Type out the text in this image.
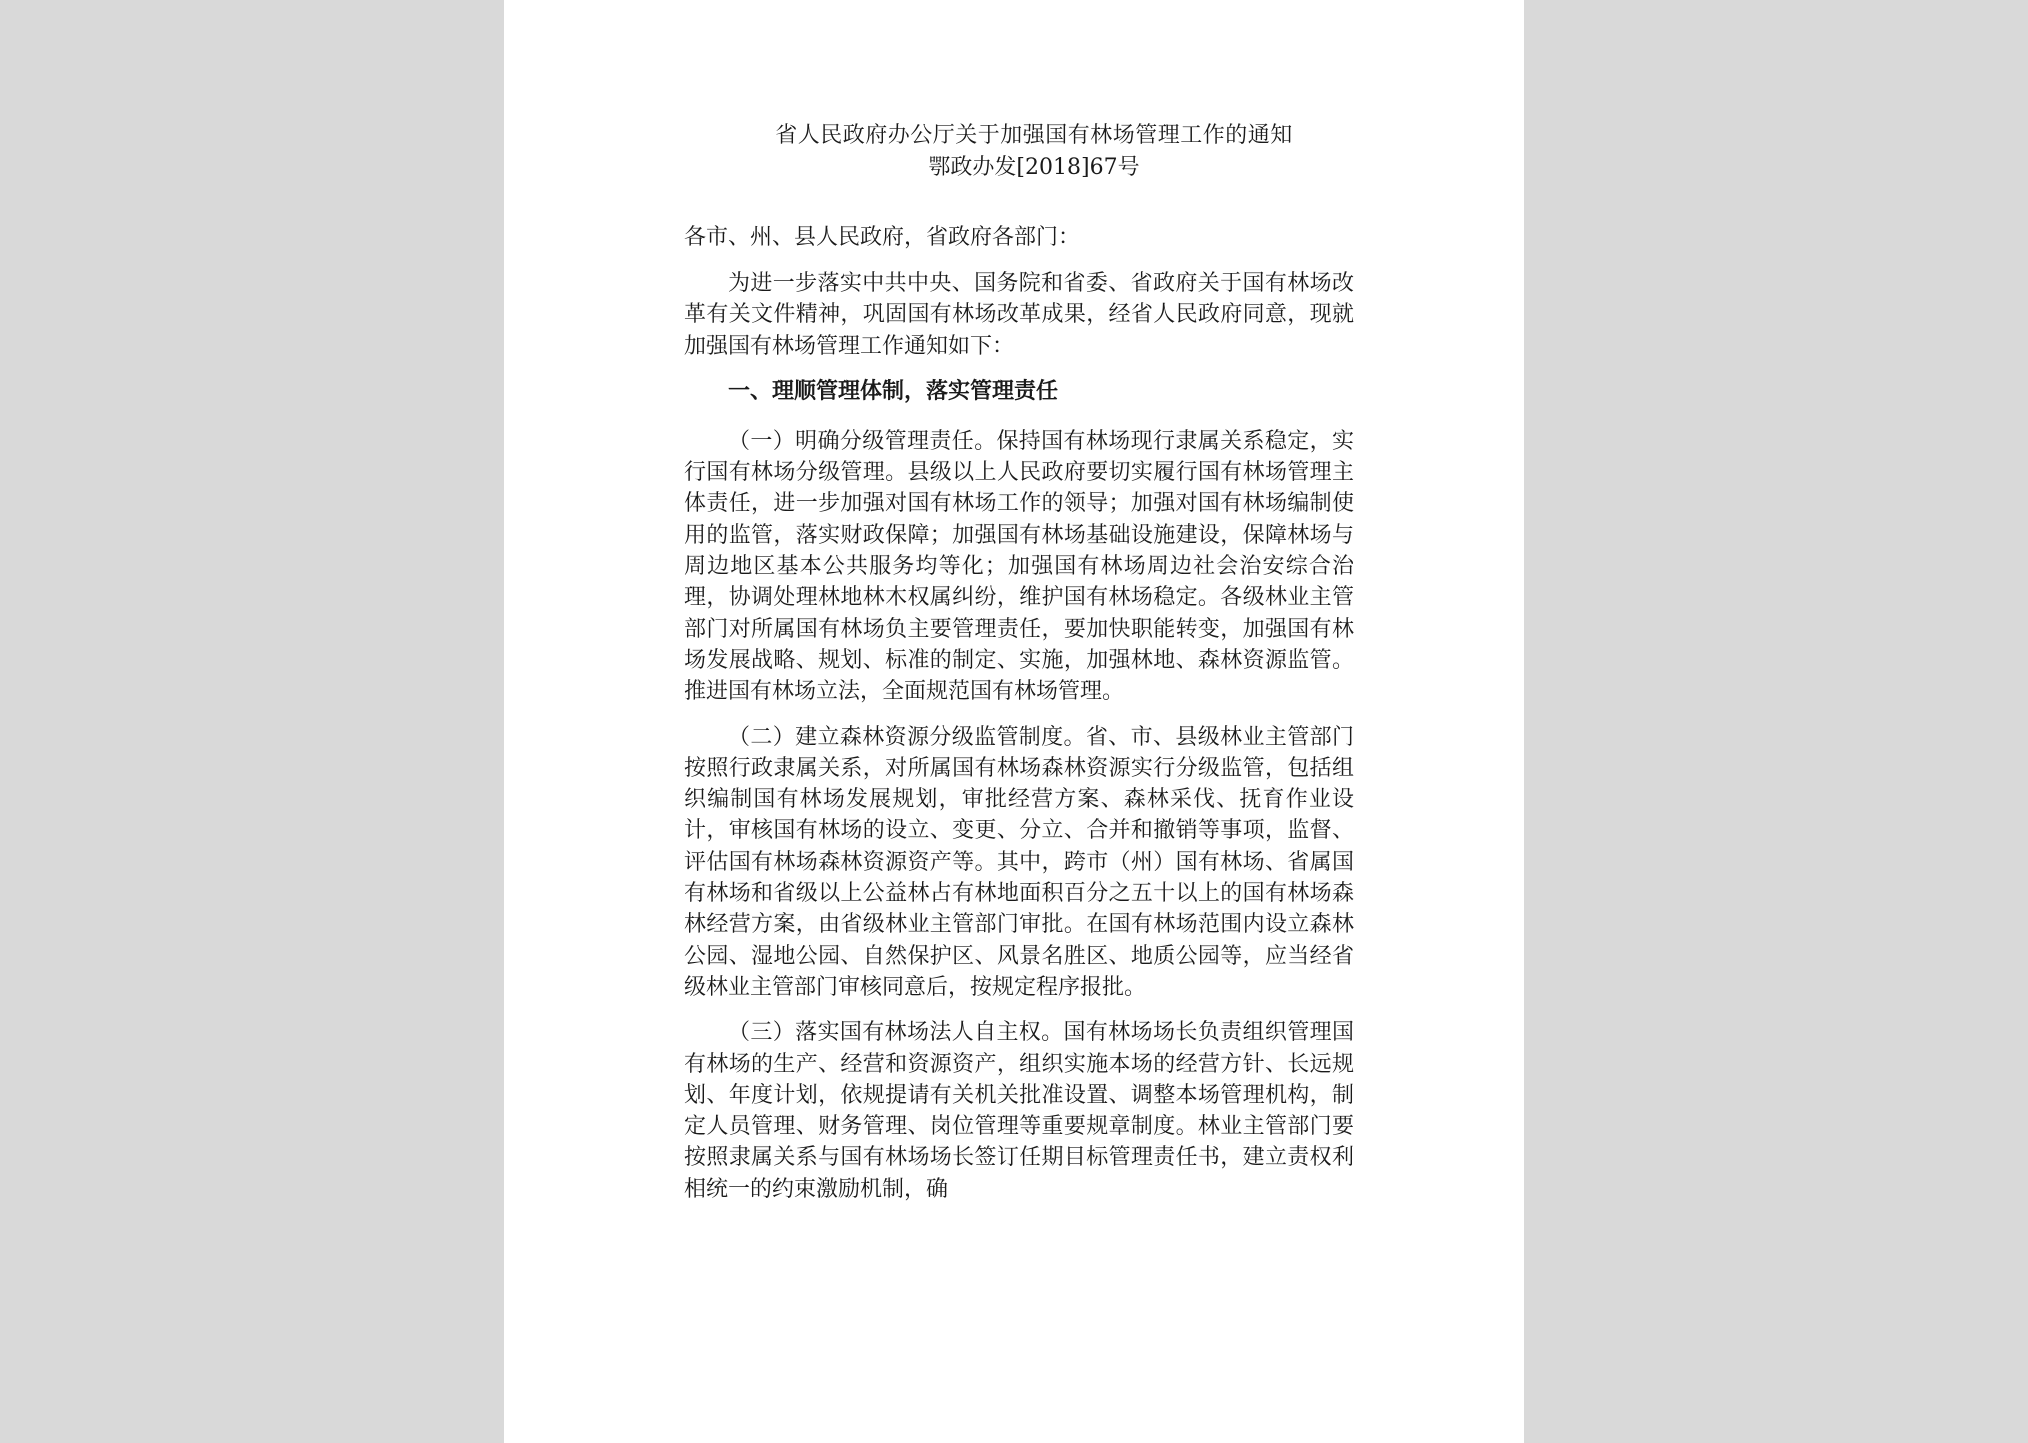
省人民政府办公厅关于加强国有林场管理工作的通知
鄂政办发[2018]67号
各市、州、县人民政府，省政府各部门：
为进一步落实中共中央、国务院和省委、省政府关于国有林场改革有关文件精神，巩固国有林场改革成果，经省人民政府同意，现就加强国有林场管理工作通知如下：
一、理顺管理体制，落实管理责任
（一）明确分级管理责任。保持国有林场现行隶属关系稳定，实行国有林场分级管理。县级以上人民政府要切实履行国有林场管理主体责任，进一步加强对国有林场工作的领导；加强对国有林场编制使用的监管，落实财政保障；加强国有林场基础设施建设，保障林场与周边地区基本公共服务均等化；加强国有林场周边社会治安综合治理，协调处理林地林木权属纠纷，维护国有林场稳定。各级林业主管部门对所属国有林场负主要管理责任，要加快职能转变，加强国有林场发展战略、规划、标准的制定、实施，加强林地、森林资源监管。推进国有林场立法，全面规范国有林场管理。
（二）建立森林资源分级监管制度。省、市、县级林业主管部门按照行政隶属关系，对所属国有林场森林资源实行分级监管，包括组织编制国有林场发展规划，审批经营方案、森林采伐、抚育作业设计，审核国有林场的设立、变更、分立、合并和撤销等事项，监督、评估国有林场森林资源资产等。其中，跨市（州）国有林场、省属国有林场和省级以上公益林占有林地面积百分之五十以上的国有林场森林经营方案，由省级林业主管部门审批。在国有林场范围内设立森林公园、湿地公园、自然保护区、风景名胜区、地质公园等，应当经省级林业主管部门审核同意后，按规定程序报批。
（三）落实国有林场法人自主权。国有林场场长负责组织管理国有林场的生产、经营和资源资产，组织实施本场的经营方针、长远规划、年度计划，依规提请有关机关批准设置、调整本场管理机构，制定人员管理、财务管理、岗位管理等重要规章制度。林业主管部门要按照隶属关系与国有林场场长签订任期目标管理责任书，建立责权利相统一的约束激励机制，确
